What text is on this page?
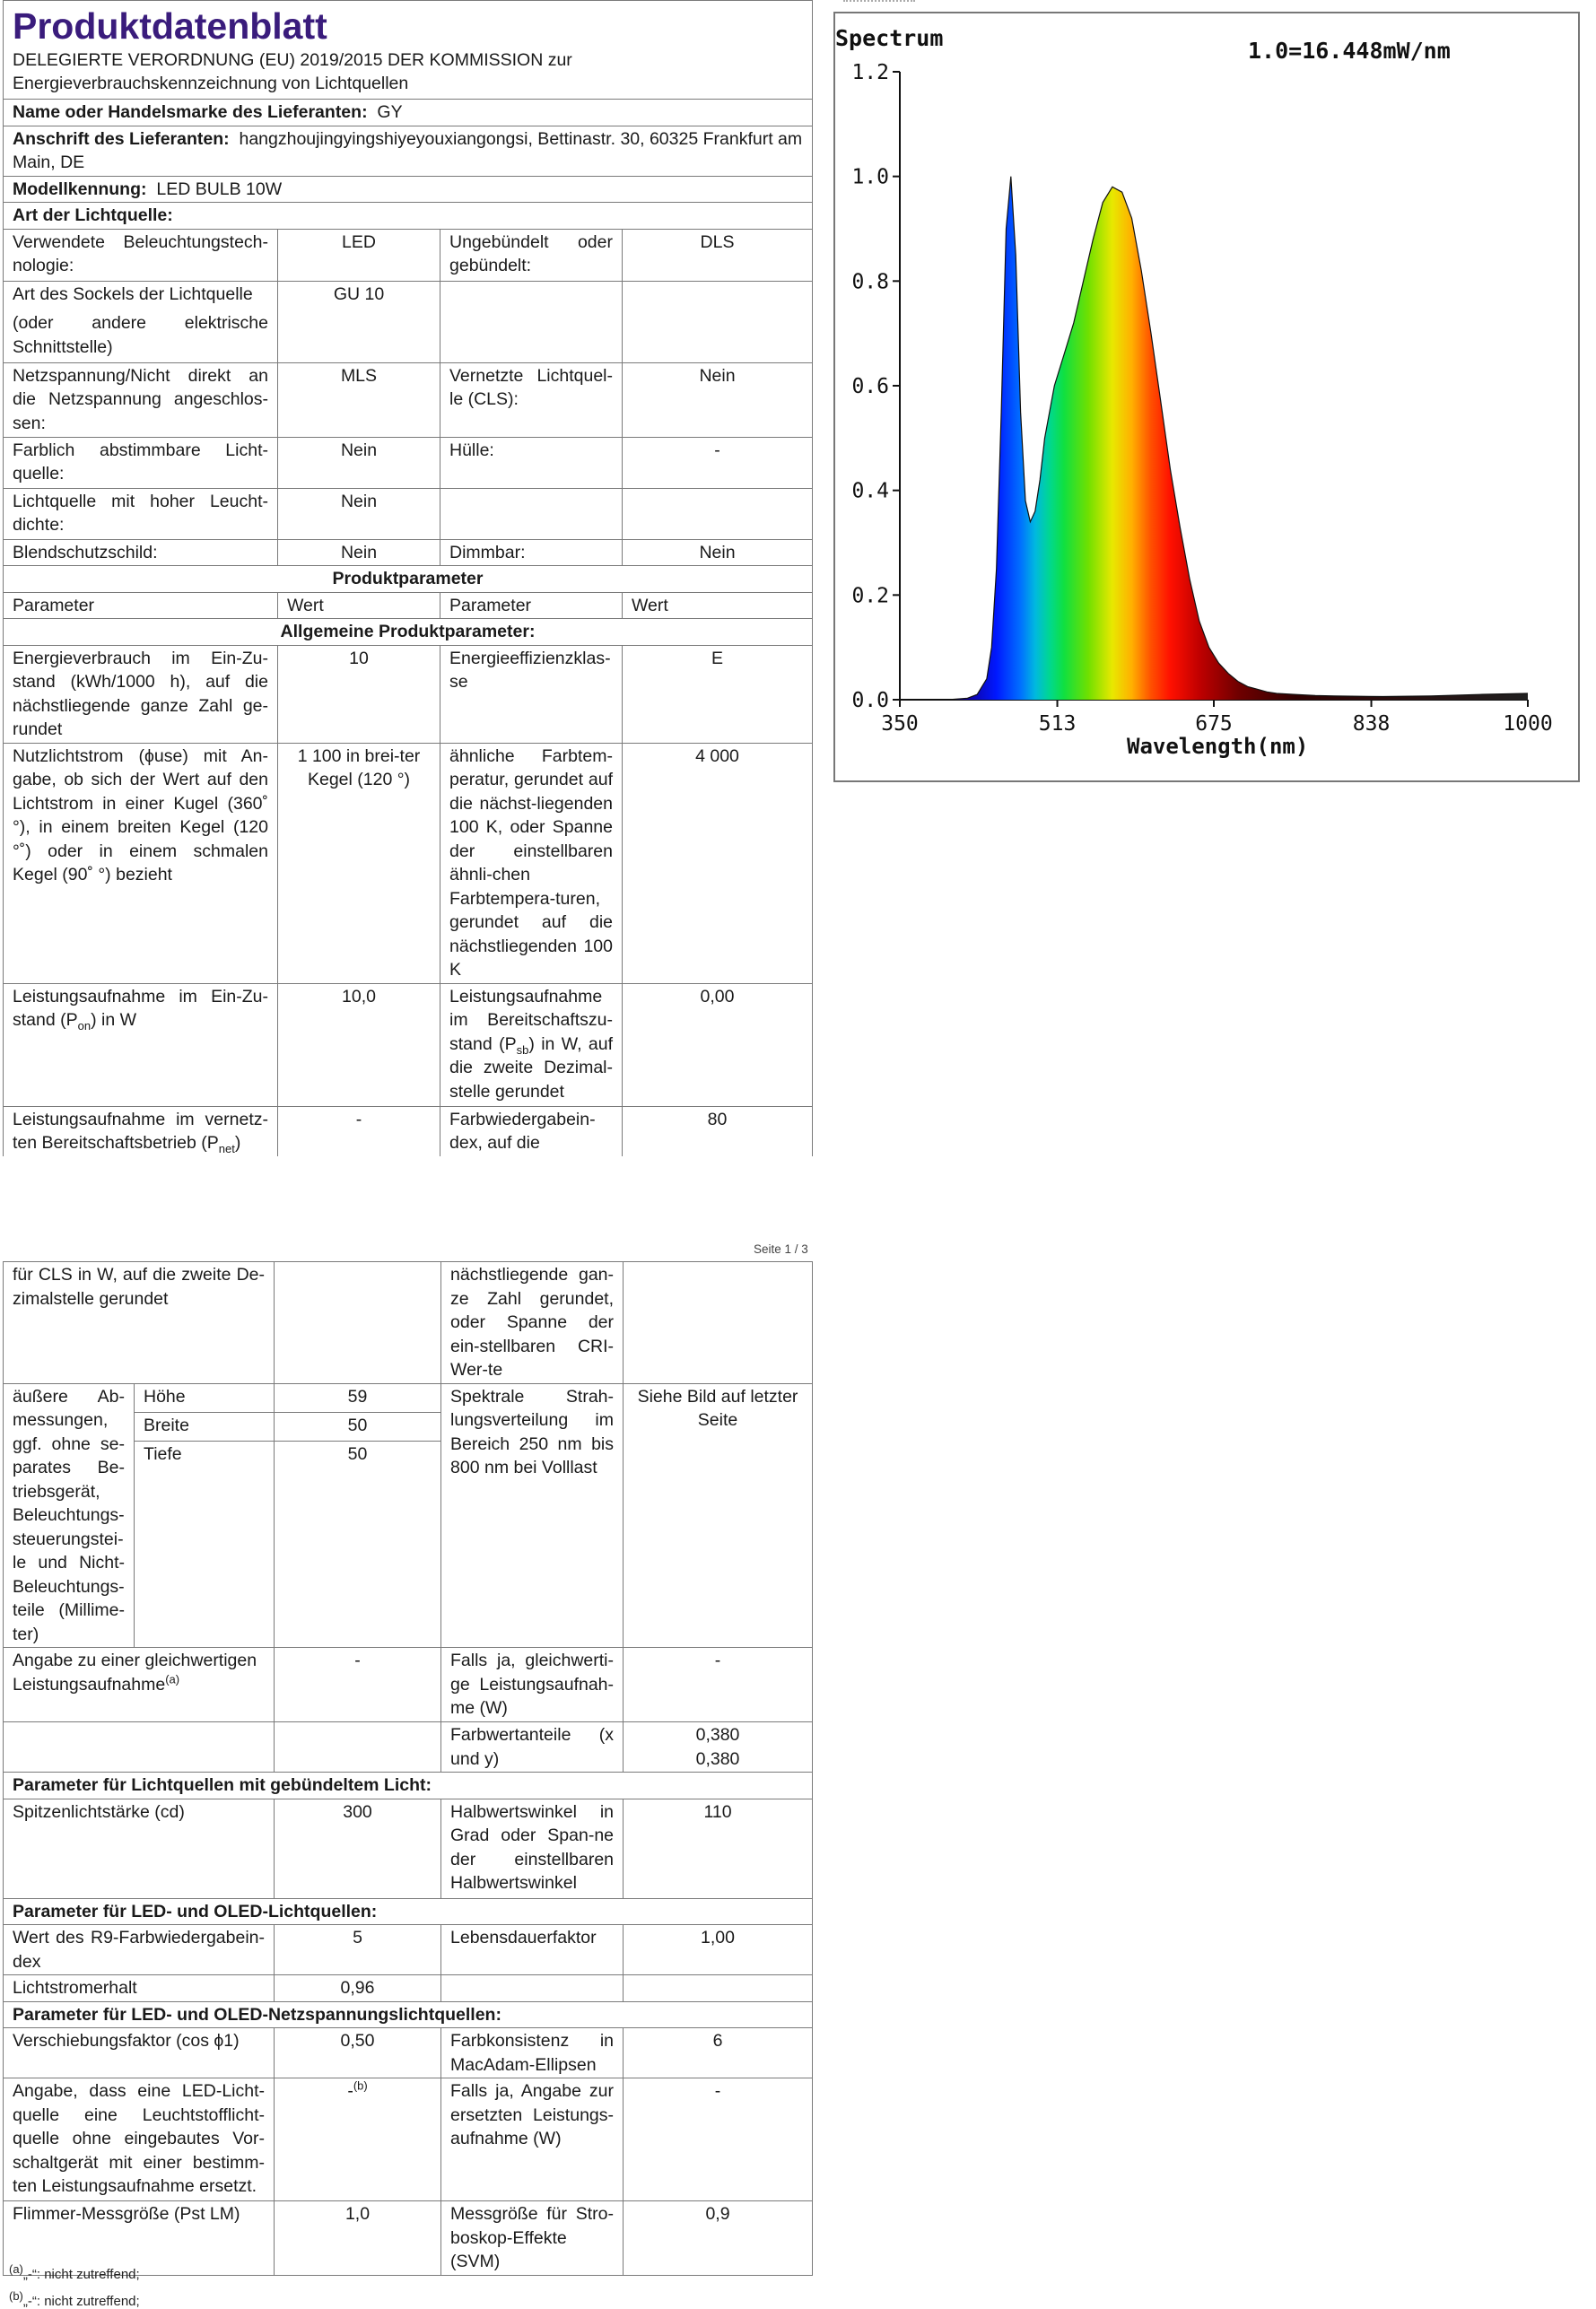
Produktdatenblatt
DELEGIERTE VERORDNUNG (EU) 2019/2015 DER KOMMISSION zur Energieverbrauchskennzeichnung von Lichtquellen			

Name oder Handelsmarke des Lieferanten: GY			
Anschrift des Lieferanten: hangzhoujingyingshiyeyouxiangongsi, Bettinastr. 30, 60325 Frankfurt am Main, DE			
Modellkennung: LED BULB 10W			
Art der Lichtquelle:			
Verwendete Beleuchtungstech-nologie:	LED	Ungebündelt oder gebündelt:	DLS

Art des Sockels der Lichtquelle
(oder andere elektrische Schnittstelle)	GU 10		
Netzspannung/Nicht direkt an die Netzspannung angeschlos-sen:	MLS	Vernetzte Lichtquel-le (CLS):	Nein
Farblich abstimmbare Licht-quelle:	Nein	Hülle:	-
Lichtquelle mit hoher Leucht-dichte:	Nein		
Blendschutzschild:	Nein	Dimmbar:	Nein
Produktparameter			
Parameter	Wert	Parameter	Wert
Allgemeine Produktparameter:			
Energieverbrauch im Ein-Zu-stand (kWh/1000 h), auf die nächstliegende ganze Zahl ge-rundet	10	Energieeffizienzklas-se	E
Nutzlichtstrom (ϕuse) mit An-gabe, ob sich der Wert auf den Lichtstrom in einer Kugel (360˚ °), in einem breiten Kegel (120 °˚) oder in einem schmalen Kegel (90˚ °) bezieht	1 100 in brei-ter Kegel (120 °)	ähnliche Farbtem-peratur, gerundet auf die nächst-liegenden 100 K, oder Spanne der einstellbaren ähnli-chen Farbtempera-turen, gerundet auf die nächstliegenden 100 K	4 000
Leistungsaufnahme im Ein-Zu-stand $(P_{on})$ in W	10,0	Leistungsaufnahme im Bereitschaftszu-stand $(P_{sb})$ in W, auf die zweite Dezimal-stelle gerundet	0,00
Leistungsaufnahme im vernetz-ten Bereitschaftsbetrieb $(P_{net})$	-	Farbwiedergabein-dex, auf die	80
Seite 1 / 3
für CLS in W, auf die zweite De-zimalstelle gerundet			nächstliegende gan-ze Zahl gerundet, oder Spanne der ein-stellbaren CRI-Wer-te	
äußere Ab-messungen, ggf. ohne se-parates Be-triebsgerät, Beleuchtungs-steuerungstei-le und Nicht-Beleuchtungs-teile (Millime-ter)	Höhe	59	Spektrale Strah-lungsverteilung im Bereich 250 nm bis 800 nm bei Volllast	Siehe Bild auf letzter Seite
	Breite	50		
	Tiefe	50		
Angabe zu einer gleichwertigen Leistungsaufnahme$^{(a)}$		-	Falls ja, gleichwerti-ge Leistungsaufnah-me (W)	-
			Farbwertanteile (x und y)	0,380
0,380

Parameter für Lichtquellen mit gebündeltem Licht:				
Spitzenlichtstärke (cd)		300	Halbwertswinkel in Grad oder Span-ne der einstellbaren Halbwertswinkel	110
Parameter für LED- und OLED-Lichtquellen:				
Wert des R9-Farbwiedergabein-dex		5	Lebensdauerfaktor	1,00
Lichtstromerhalt		0,96		
Parameter für LED- und OLED-Netzspannungslichtquellen:				
Verschiebungsfaktor (cos ϕ1)		0,50	Farbkonsistenz in MacAdam-Ellipsen	6
Angabe, dass eine LED-Licht-quelle eine Leuchtstofflicht-quelle ohne eingebautes Vor-schaltgerät mit einer bestimm-ten Leistungsaufnahme ersetzt.		-$^{(b)}$	Falls ja, Angabe zur ersetzten Leistungs-aufnahme (W)	-
Flimmer-Messgröße (Pst LM)		1,0	Messgröße für Stro-boskop-Effekte (SVM)	0,9
$^{(a)}$„-“: nicht zutreffend;
$^{(b)}$„-“: nicht zutreffend;
Spectrum	1.0=16.448mW/nm
0.0
0.2
0.4
0.6
0.8
1.0
1.2
350	513	675	838	1000
Wavelength(nm)
